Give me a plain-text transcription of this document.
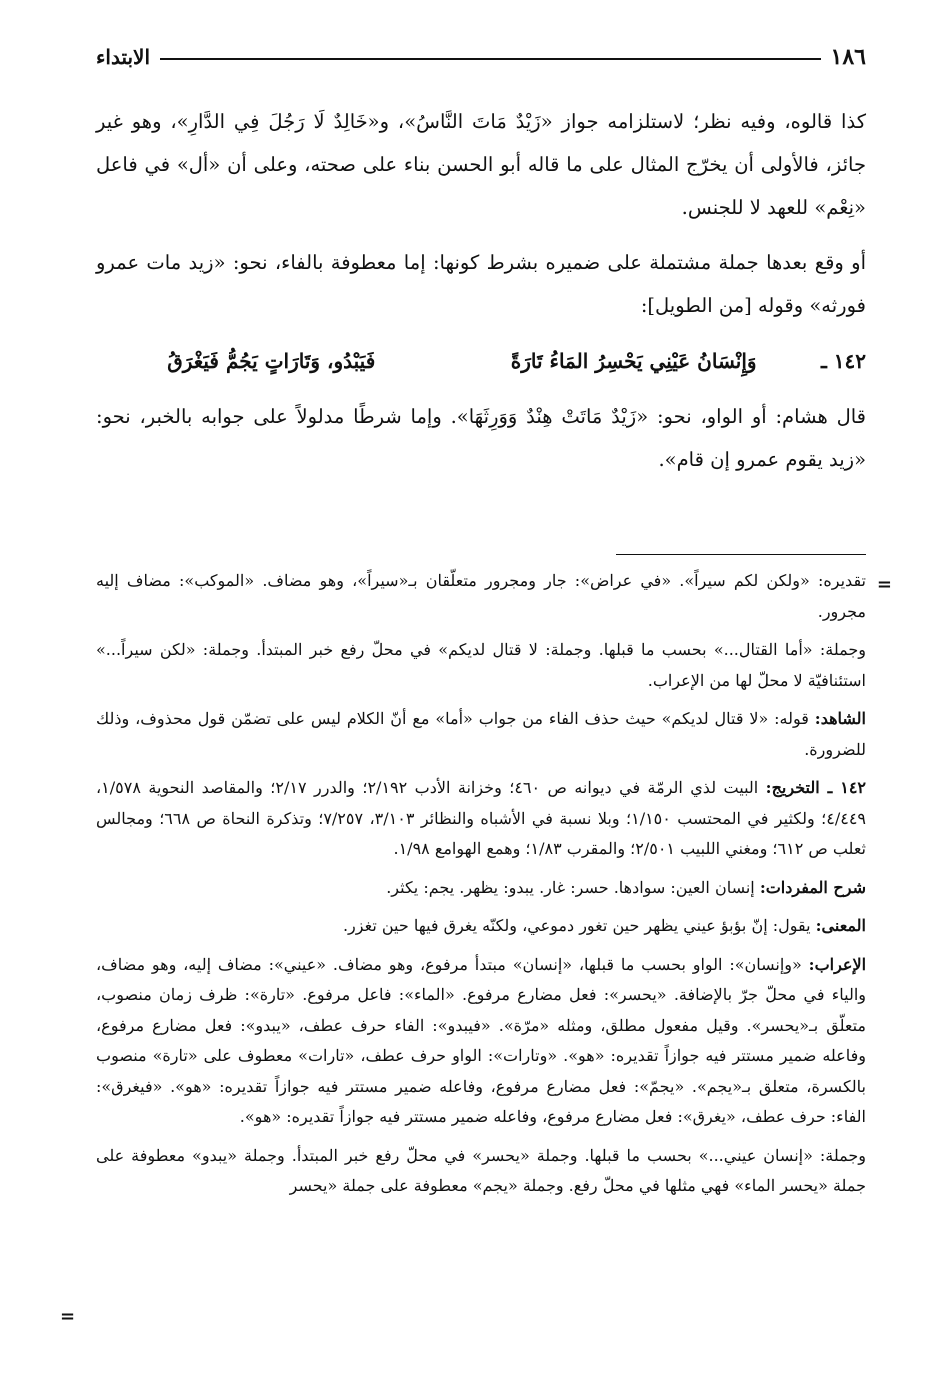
١٨٦
الابتداء

كذا قالوه، وفيه نظر؛ لاستلزامه جواز «زَيْدٌ مَاتَ النَّاسُ»، و«خَالِدٌ لَا رَجُلَ فِي الدَّارِ»، وهو غير جائز، فالأولى أن يخرّج المثال على ما قاله أبو الحسن بناء على صحته، وعلى أن «أل» في فاعل «نِعْم» للعهد لا للجنس.

أو وقع بعدها جملة مشتملة على ضميره بشرط كونها: إما معطوفة بالفاء، نحو: «زيد مات عمرو فورثه» وقوله [من الطويل]:

١٤٢ ـ
وَإِنْسَانُ عَيْنِي يَحْسِرُ المَاءُ تَارَةً
فَيَبْدُو، وَتَارَاتٍ يَجُمُّ فَيَغْرَقُ

قال هشام: أو الواو، نحو: «زَيْدٌ مَاتَتْ هِنْدٌ وَوَرِثَهَا». وإما شرطًا مدلولاً على جوابه بالخبر، نحو: «زيد يقوم عمرو إن قام».

=

تقديره: «ولكن لكم سيراً». «في عراض»: جار ومجرور متعلّقان بـ«سيراً»، وهو مضاف. «الموكب»: مضاف إليه مجرور.

وجملة: «أما القتال...» بحسب ما قبلها. وجملة: لا قتال لديكم» في محلّ رفع خبر المبتدأ. وجملة: «لكن سيراً...» استئنافيّة لا محلّ لها من الإعراب.

الشاهد: قوله: «لا قتال لديكم» حيث حذف الفاء من جواب «أما» مع أنّ الكلام ليس على تضمّن قول محذوف، وذلك للضرورة.

١٤٢ ـ التخريج: البيت لذي الرمّة في ديوانه ص ٤٦٠؛ وخزانة الأدب ٢/١٩٢؛ والدرر ٢/١٧؛ والمقاصد النحوية ١/٥٧٨، ٤/٤٤٩؛ ولكثير في المحتسب ١/١٥٠؛ وبلا نسبة في الأشباه والنظائر ٣/١٠٣، ٧/٢٥٧؛ وتذكرة النحاة ص ٦٦٨؛ ومجالس ثعلب ص ٦١٢؛ ومغني اللبيب ٢/٥٠١؛ والمقرب ١/٨٣؛ وهمع الهوامع ١/٩٨.

شرح المفردات: إنسان العين: سوادها. حسر: غار. يبدو: يظهر. يجم: يكثر.

المعنى: يقول: إنّ بؤبؤ عيني يظهر حين تغور دموعي، ولكنّه يغرق فيها حين تغزر.

الإعراب: «وإنسان»: الواو بحسب ما قبلها، «إنسان» مبتدأ مرفوع، وهو مضاف. «عيني»: مضاف إليه، وهو مضاف، والياء في محلّ جرّ بالإضافة. «يحسر»: فعل مضارع مرفوع. «الماء»: فاعل مرفوع. «تارة»: ظرف زمان منصوب، متعلّق بـ«يحسر». وقيل مفعول مطلق، ومثله «مرّة». «فيبدو»: الفاء حرف عطف، «يبدو»: فعل مضارع مرفوع، وفاعله ضمير مستتر فيه جوازاً تقديره: «هو». «وتارات»: الواو حرف عطف، «تارات» معطوف على «تارة» منصوب بالكسرة، متعلق بـ«يجم». «يجمّ»: فعل مضارع مرفوع، وفاعله ضمير مستتر فيه جوازاً تقديره: «هو». «فيغرق»: الفاء: حرف عطف، «يغرق»: فعل مضارع مرفوع، وفاعله ضمير مستتر فيه جوازاً تقديره: «هو».

وجملة: «إنسان عيني...» بحسب ما قبلها. وجملة «يحسر» في محلّ رفع خبر المبتدأ. وجملة «يبدو» معطوفة على جملة «يحسر الماء» فهي مثلها في محلّ رفع. وجملة «يجم» معطوفة على جملة «يحسر

=
